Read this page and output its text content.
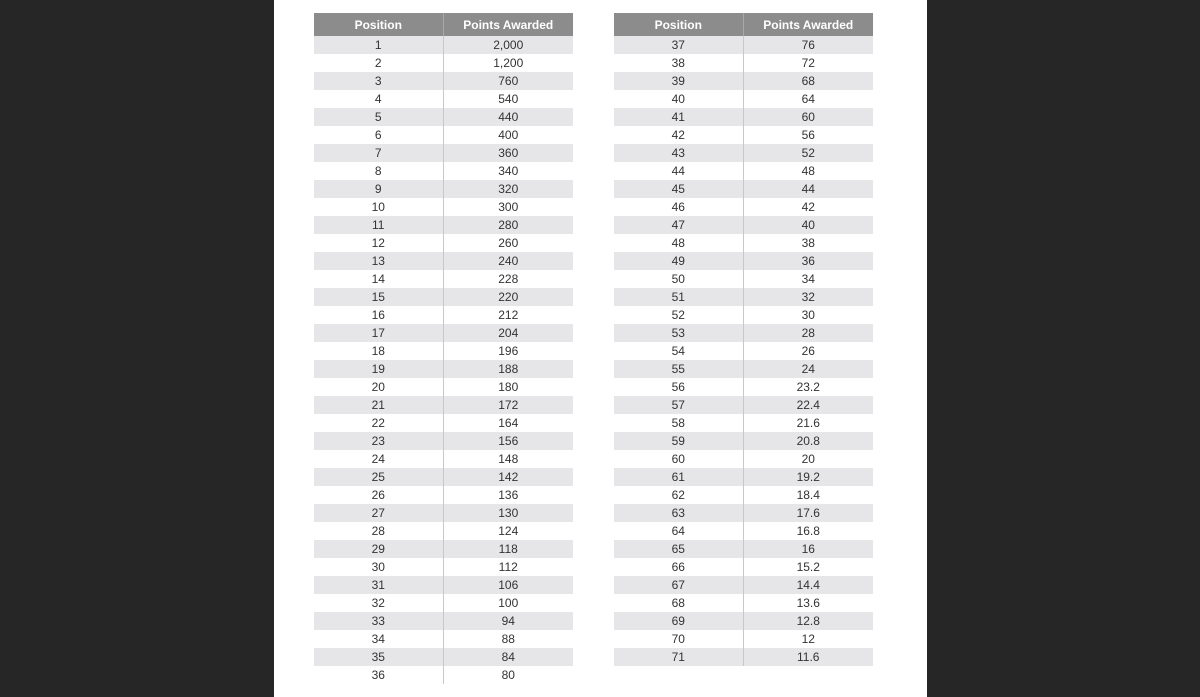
Position	Points Awarded
1	2,000
2	1,200
3	760
4	540
5	440
6	400
7	360
8	340
9	320
10	300
11	280
12	260
13	240
14	228
15	220
16	212
17	204
18	196
19	188
20	180
21	172
22	164
23	156
24	148
25	142
26	136
27	130
28	124
29	118
30	112
31	106
32	100
33	94
34	88
35	84
36	80
Position	Points Awarded
37	76
38	72
39	68
40	64
41	60
42	56
43	52
44	48
45	44
46	42
47	40
48	38
49	36
50	34
51	32
52	30
53	28
54	26
55	24
56	23.2
57	22.4
58	21.6
59	20.8
60	20
61	19.2
62	18.4
63	17.6
64	16.8
65	16
66	15.2
67	14.4
68	13.6
69	12.8
70	12
71	11.6
